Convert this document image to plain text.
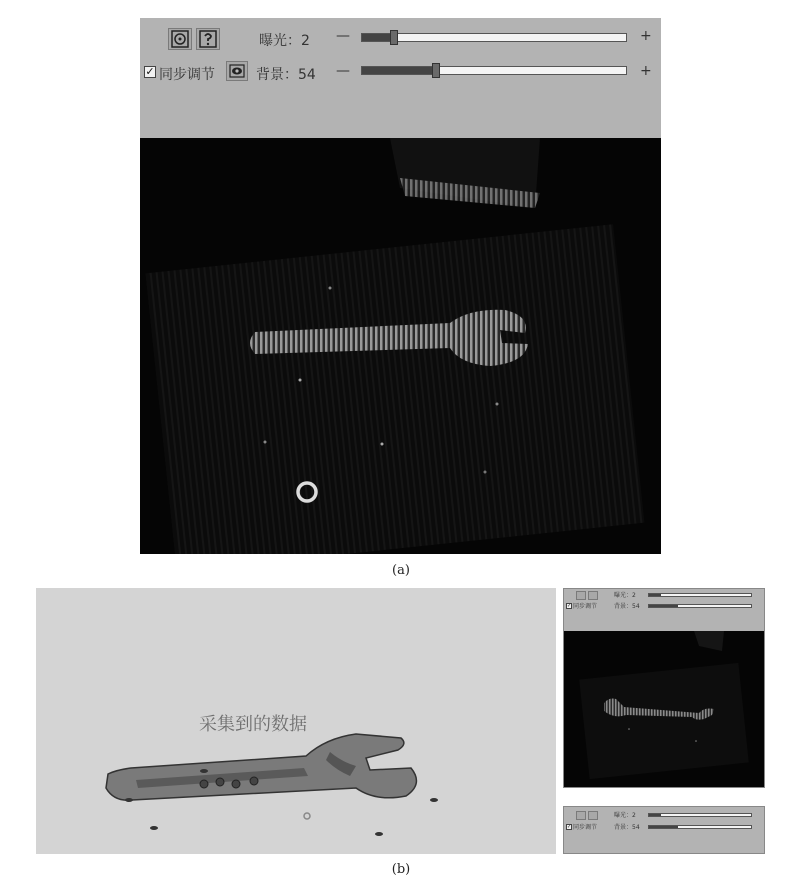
曝光：2 —	+
✓ 同步调节	背景：54 —	+
(a)
采集到的数据
曝光：2
✓ 同步调节	背景：54
曝光：2
✓ 同步调节	背景：54
(b)
